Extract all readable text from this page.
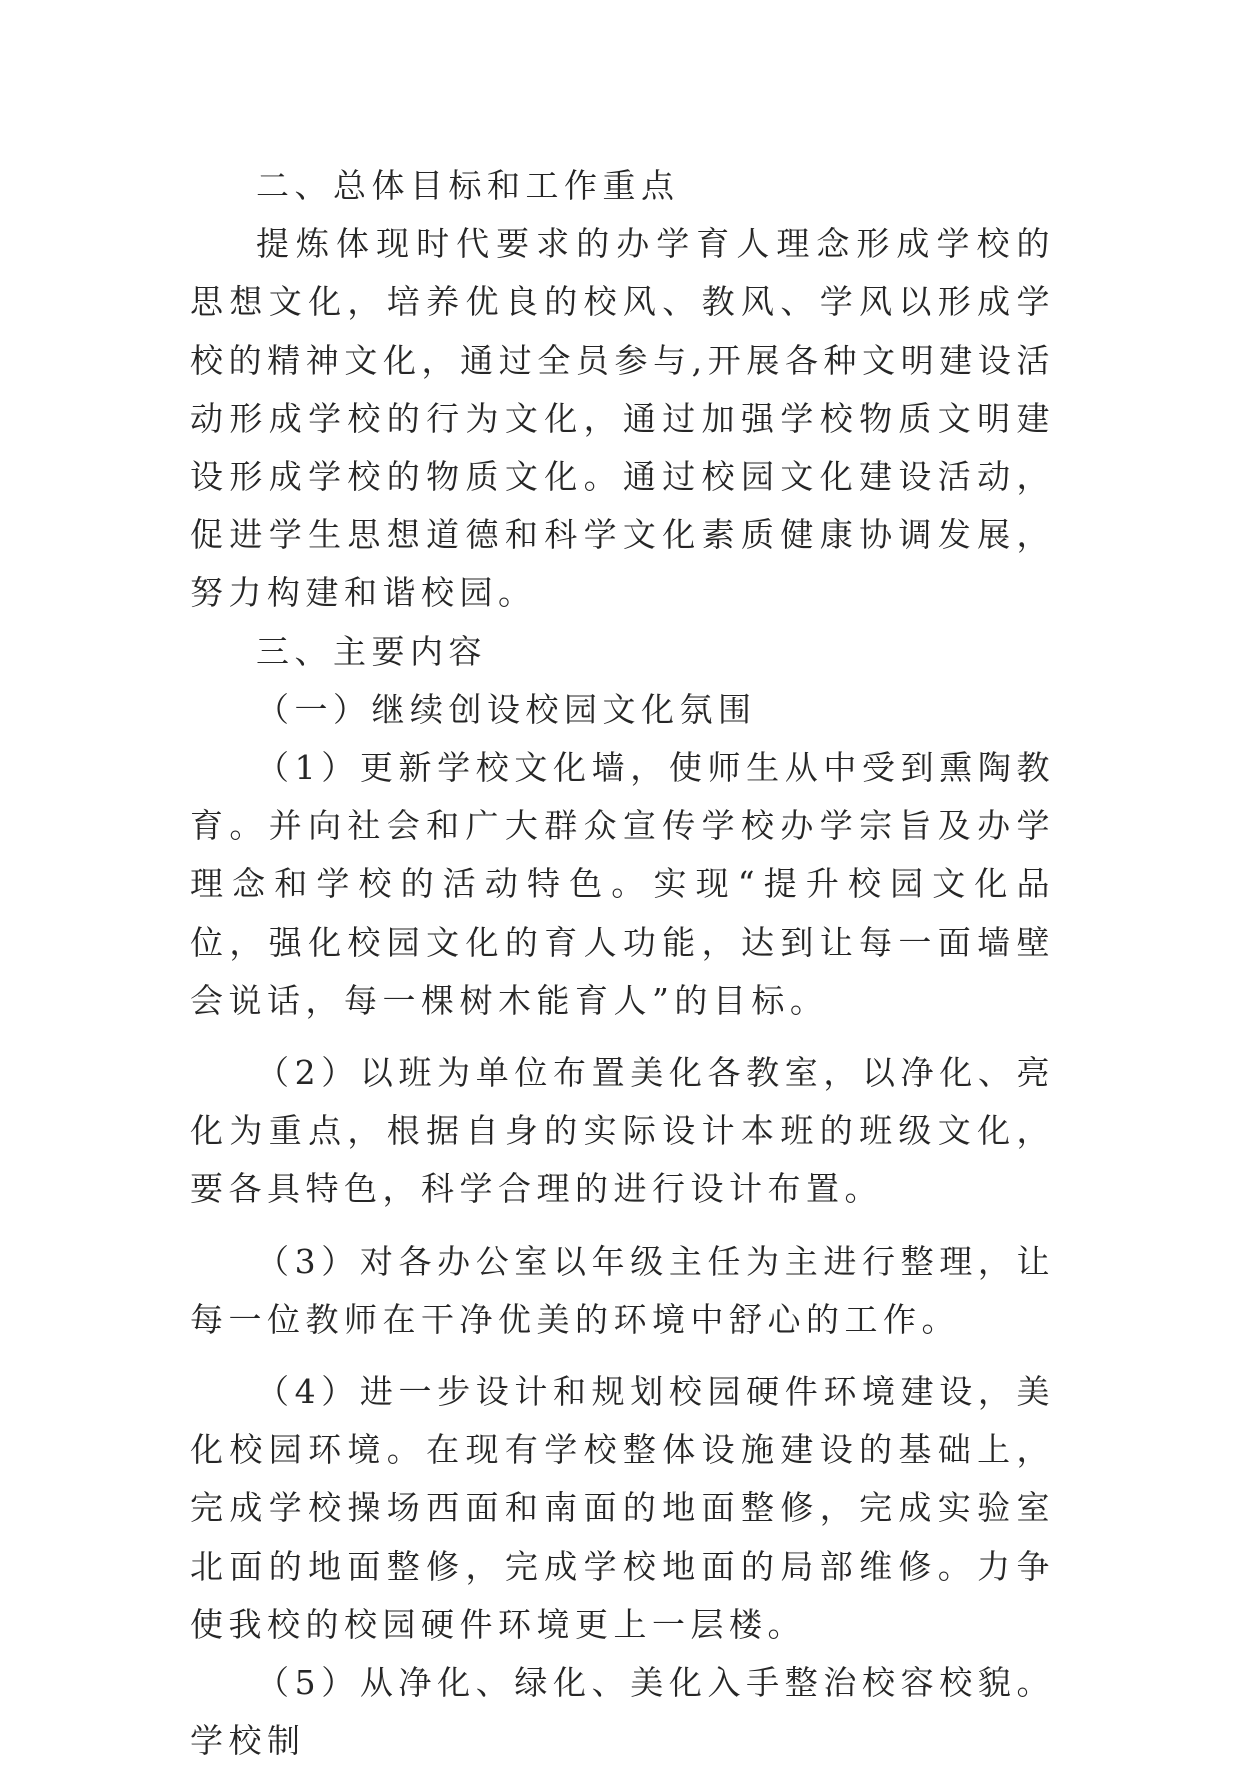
二、总体目标和工作重点

提炼体现时代要求的办学育人理念形成学校的思想文化，培养优良的校风、教风、学风以形成学校的精神文化，通过全员参与,开展各种文明建设活动形成学校的行为文化，通过加强学校物质文明建设形成学校的物质文化。通过校园文化建设活动，促进学生思想道德和科学文化素质健康协调发展，努力构建和谐校园。

三、主要内容

（一）继续创设校园文化氛围

（1）更新学校文化墙，使师生从中受到熏陶教育。并向社会和广大群众宣传学校办学宗旨及办学理念和学校的活动特色。实现“提升校园文化品位，强化校园文化的育人功能，达到让每一面墙壁会说话，每一棵树木能育人”的目标。

（2）以班为单位布置美化各教室，以净化、亮化为重点，根据自身的实际设计本班的班级文化，要各具特色，科学合理的进行设计布置。

（3）对各办公室以年级主任为主进行整理，让每一位教师在干净优美的环境中舒心的工作。

（4）进一步设计和规划校园硬件环境建设，美化校园环境。在现有学校整体设施建设的基础上，完成学校操场西面和南面的地面整修，完成实验室北面的地面整修，完成学校地面的局部维修。力争使我校的校园硬件环境更上一层楼。

（5）从净化、绿化、美化入手整治校容校貌。学校制
